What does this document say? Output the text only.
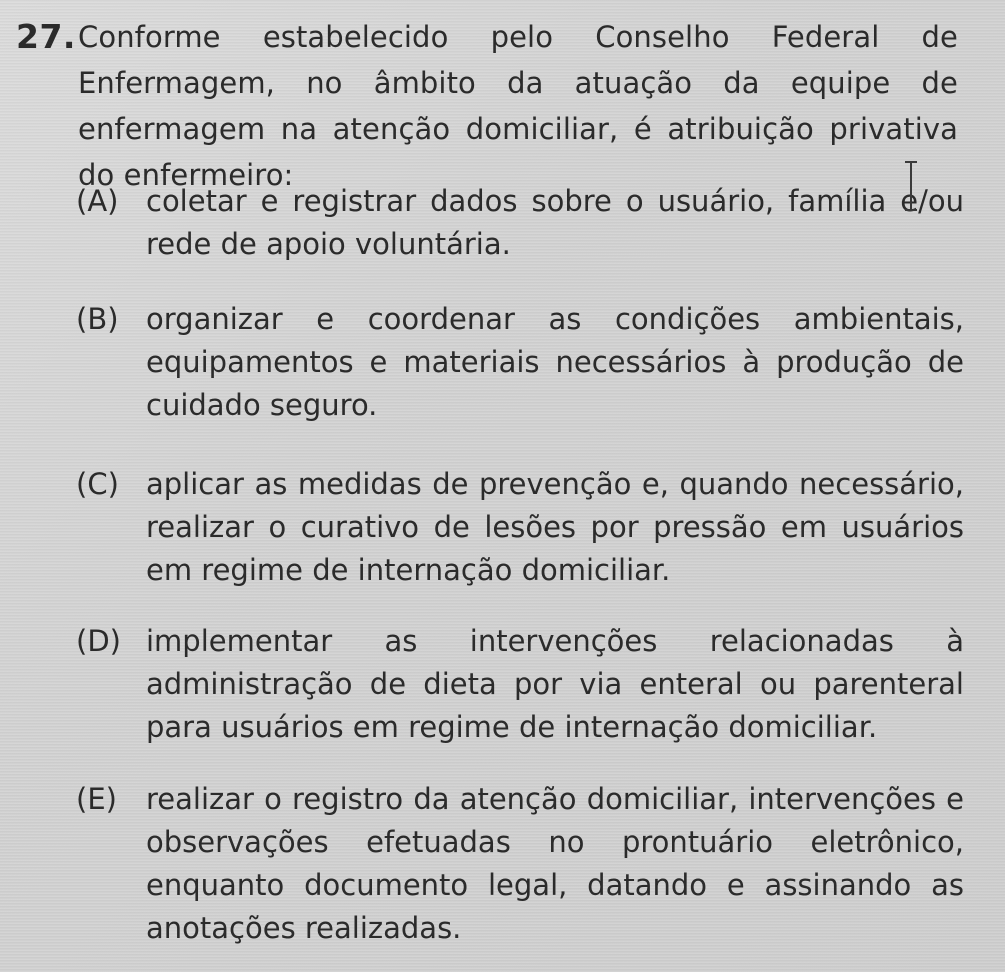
27. Conforme estabelecido pelo Conselho Federal de Enfermagem, no âmbito da atuação da equipe de enfermagem na atenção domiciliar, é atribuição privativa do enfermeiro:
(A) coletar e registrar dados sobre o usuário, família e/ou rede de apoio voluntária.
(B) organizar e coordenar as condições ambientais, equipamentos e materiais necessários à produção de cuidado seguro.
(C) aplicar as medidas de prevenção e, quando necessário, realizar o curativo de lesões por pressão em usuários em regime de internação domiciliar.
(D) implementar as intervenções relacionadas à administração de dieta por via enteral ou parenteral para usuários em regime de internação domiciliar.
(E)	realizar o registro da atenção domiciliar, intervenções e observações efetuadas no prontuário eletrônico, enquanto documento legal, datando e assinando as anotações realizadas.
